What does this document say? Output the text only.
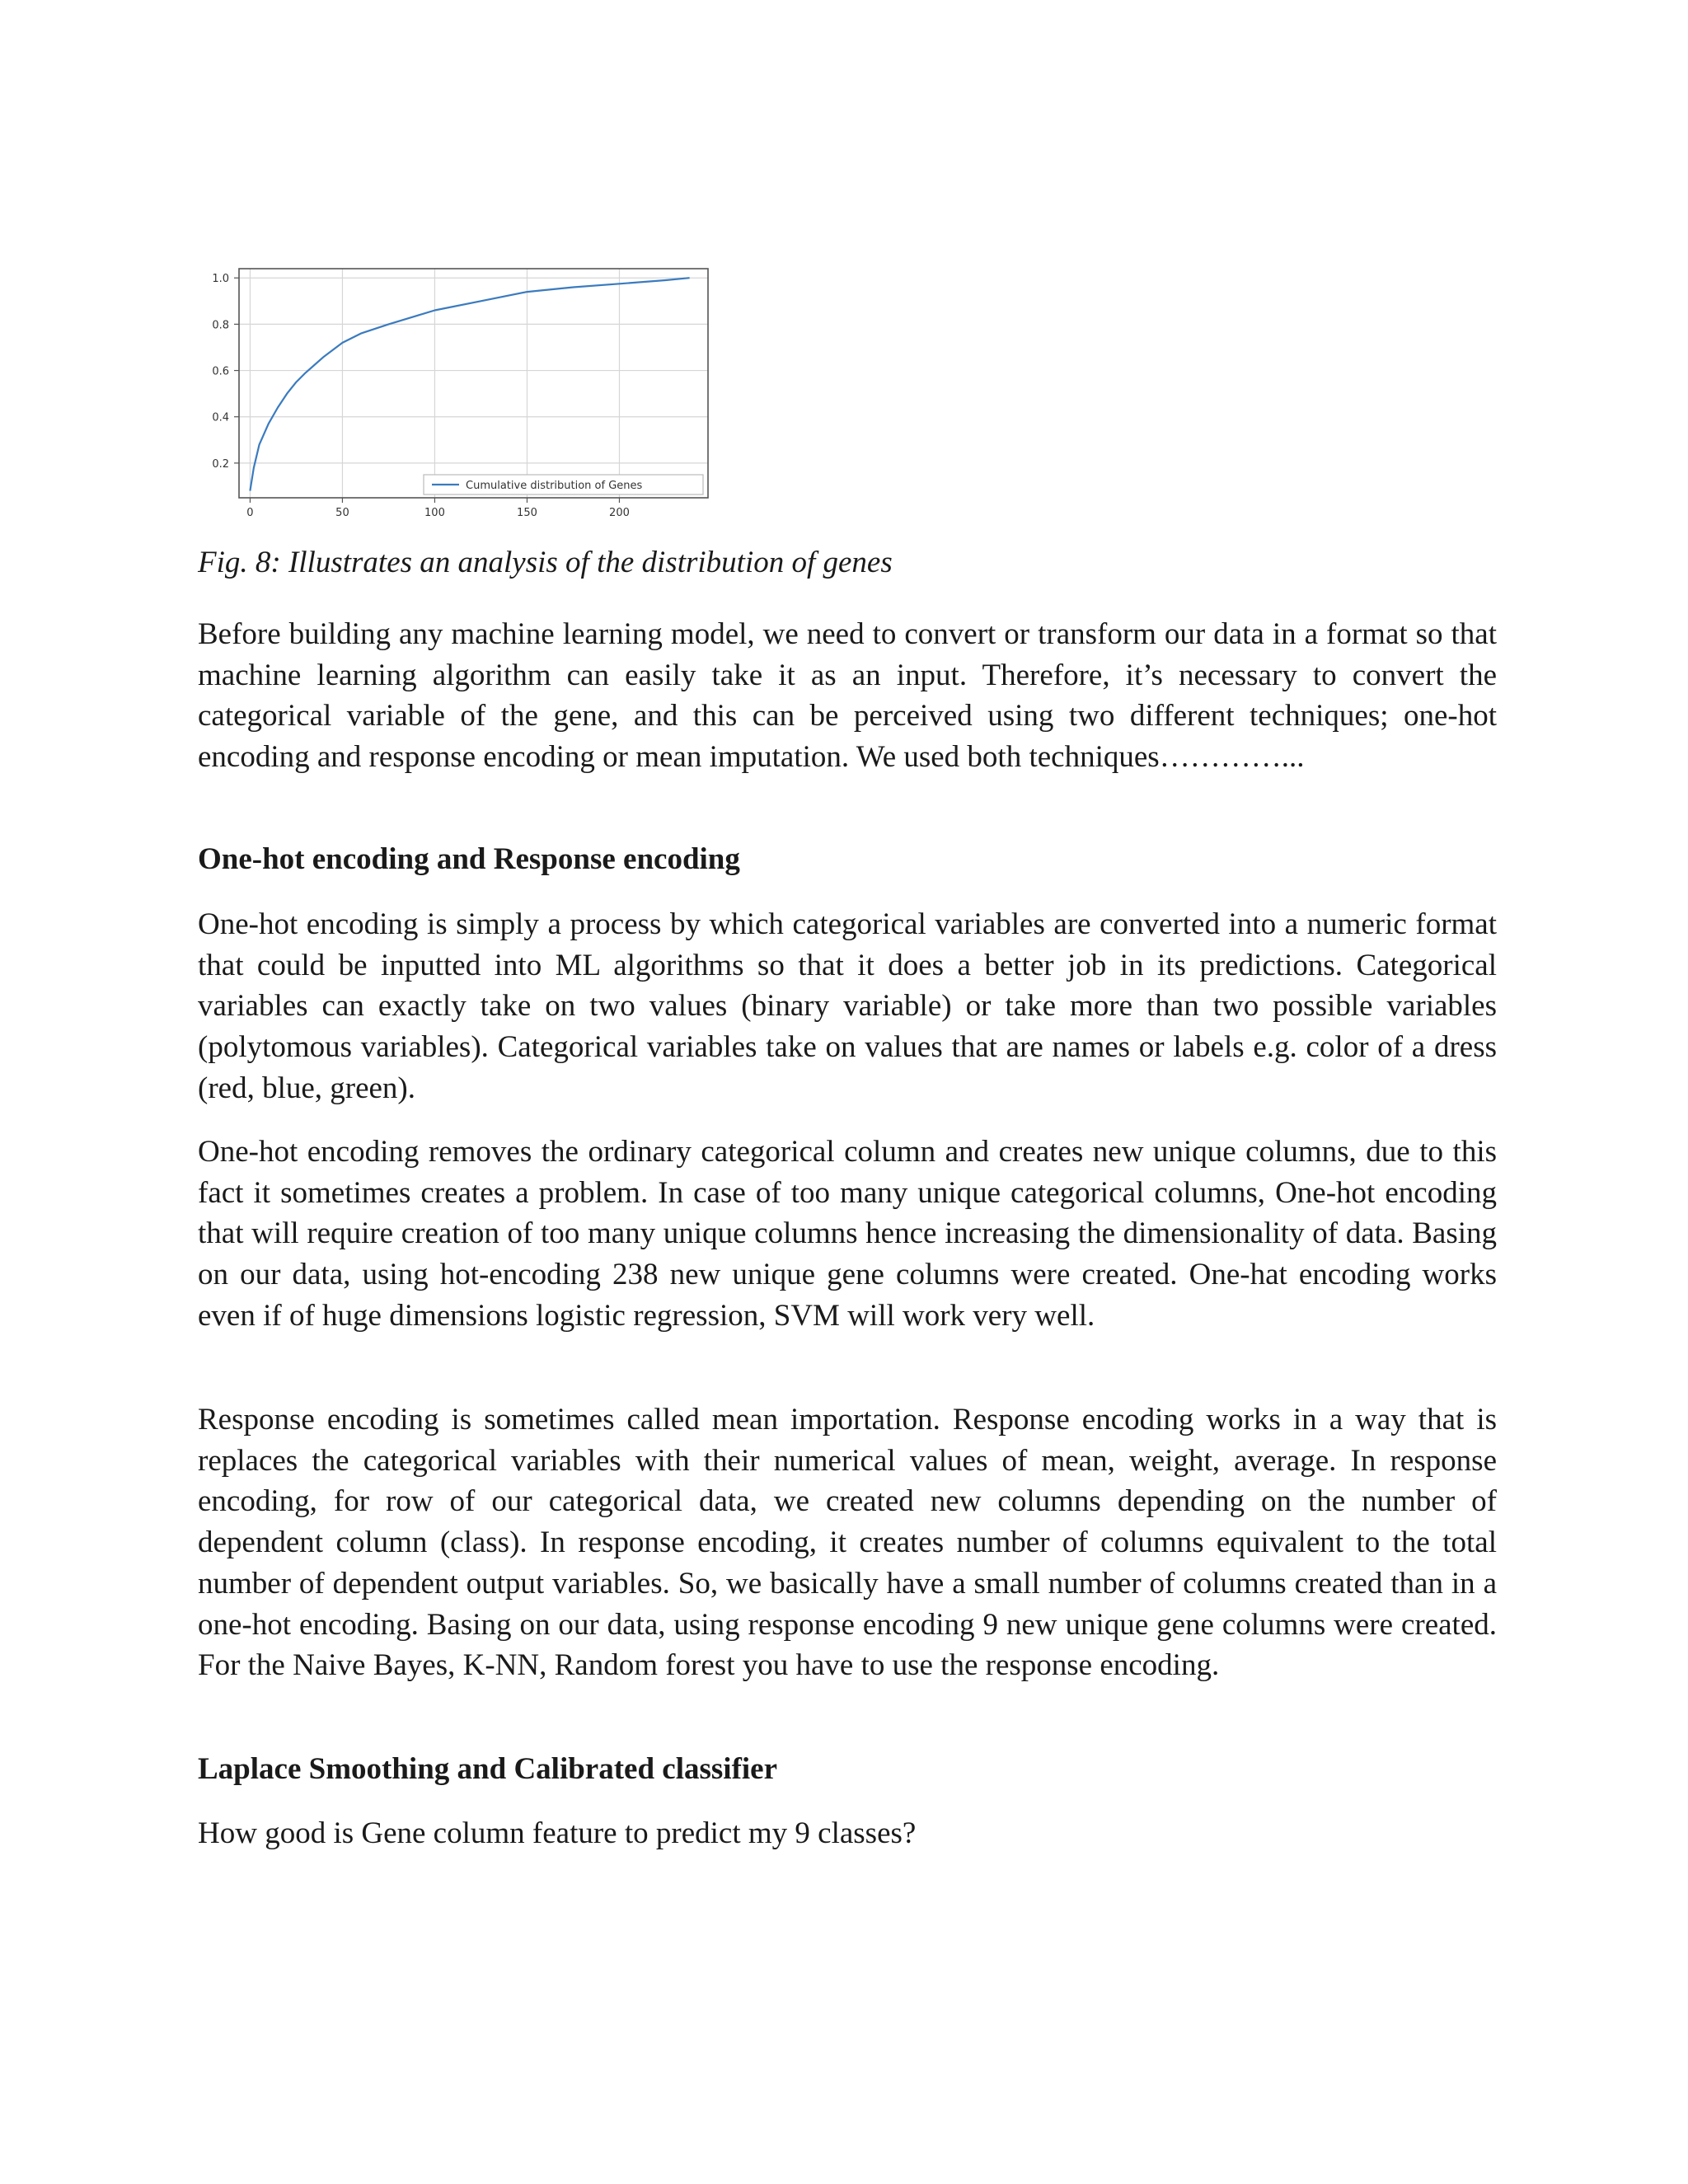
0	50	100	150	200
0.2
0.4
0.6
0.8
1.0
Cumulative distribution of Genes
Fig. 8: Illustrates an analysis of the distribution of genes
Before building any machine learning model, we need to convert or transform our data in a format so that machine learning algorithm can easily take it as an input. Therefore, it’s necessary to convert the categorical variable of the gene, and this can be perceived using two different techniques; one-hot encoding and response encoding or mean imputation. We used both techniques…………...
One-hot encoding and Response encoding
One-hot encoding is simply a process by which categorical variables are converted into a numeric format that could be inputted into ML algorithms so that it does a better job in its predictions. Categorical variables can exactly take on two values (binary variable) or take more than two possible variables (polytomous variables). Categorical variables take on values that are names or labels e.g. color of a dress (red, blue, green).
One-hot encoding removes the ordinary categorical column and creates new unique columns, due to this fact it sometimes creates a problem. In case of too many unique categorical columns, One-hot encoding that will require creation of too many unique columns hence increasing the dimensionality of data. Basing on our data, using hot-encoding 238 new unique gene columns were created. One-hat encoding works even if of huge dimensions logistic regression, SVM will work very well.
Response encoding is sometimes called mean importation. Response encoding works in a way that is replaces the categorical variables with their numerical values of mean, weight, average. In response encoding, for row of our categorical data, we created new columns depending on the number of dependent column (class). In response encoding, it creates number of columns equivalent to the total number of dependent output variables. So, we basically have a small number of columns created than in a one-hot encoding. Basing on our data, using response encoding 9 new unique gene columns were created. For the Naive Bayes, K-NN, Random forest you have to use the response encoding.
Laplace Smoothing and Calibrated classifier
How good is Gene column feature to predict my 9 classes?
